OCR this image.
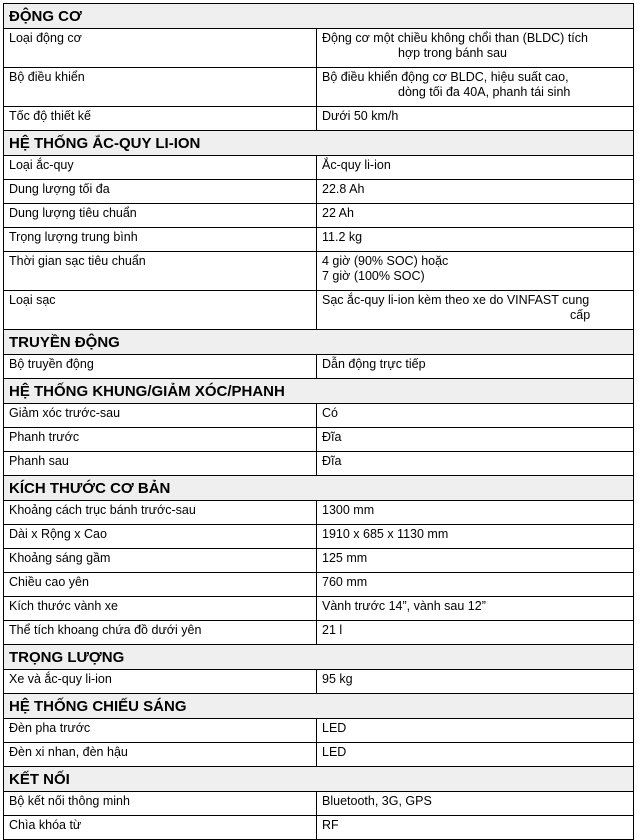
ĐỘNG CƠ	
Loại động cơ	Động cơ một chiều không chổi than (BLDC) tích
hợp trong bánh sau

Bộ điều khiển	Bộ điều khiển động cơ BLDC, hiệu suất cao,
dòng tối đa 40A, phanh tái sinh

Tốc độ thiết kế	Dưới 50 km/h
HỆ THỐNG ẮC-QUY LI-ION	
Loại ắc-quy	Ắc-quy li-ion
Dung lượng tối đa	22.8 Ah
Dung lượng tiêu chuẩn	22 Ah
Trọng lượng trung bình	11.2 kg
Thời gian sạc tiêu chuẩn	4 giờ (90% SOC) hoặc
7 giờ (100% SOC)

Loại sạc	Sạc ắc-quy li-ion kèm theo xe do VINFAST cung
cấp

TRUYỀN ĐỘNG	
Bộ truyền động	Dẫn động trực tiếp
HỆ THỐNG KHUNG/GIẢM XÓC/PHANH	
Giảm xóc trước-sau	Có
Phanh trước	Đĩa
Phanh sau	Đĩa
KÍCH THƯỚC CƠ BẢN	
Khoảng cách trục bánh trước-sau	1300 mm
Dài x Rộng x Cao	1910 x 685 x 1130 mm
Khoảng sáng gầm	125 mm
Chiều cao yên	760 mm
Kích thước vành xe	Vành trước 14”, vành sau 12”
Thể tích khoang chứa đồ dưới yên	21 l
TRỌNG LƯỢNG	
Xe và ắc-quy li-ion	95 kg
HỆ THỐNG CHIẾU SÁNG	
Đèn pha trước	LED
Đèn xi nhan, đèn hậu	LED
KẾT NỐI	
Bộ kết nối thông minh	Bluetooth, 3G, GPS
Chìa khóa từ	RF
